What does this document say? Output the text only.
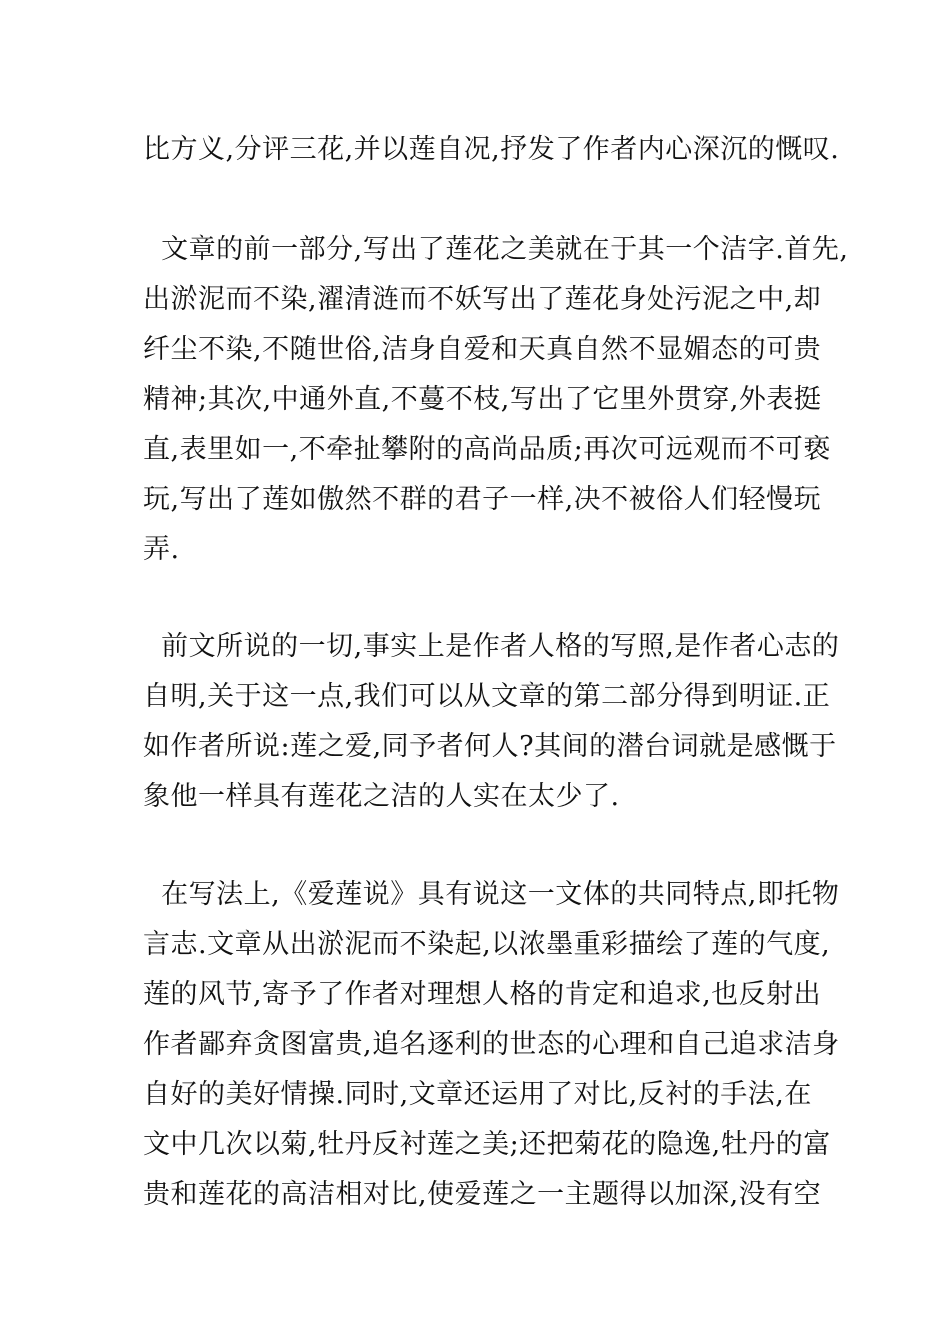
比方义,分评三花,并以莲自况,抒发了作者内心深沉的慨叹.
文章的前一部分,写出了莲花之美就在于其一个洁字.首先,
出淤泥而不染,濯清涟而不妖写出了莲花身处污泥之中,却
纤尘不染,不随世俗,洁身自爱和天真自然不显媚态的可贵
精神;其次,中通外直,不蔓不枝,写出了它里外贯穿,外表挺
直,表里如一,不牵扯攀附的高尚品质;再次可远观而不可亵
玩,写出了莲如傲然不群的君子一样,决不被俗人们轻慢玩
弄.
前文所说的一切,事实上是作者人格的写照,是作者心志的
自明,关于这一点,我们可以从文章的第二部分得到明证.正
如作者所说:莲之爱,同予者何人?其间的潜台词就是感慨于
象他一样具有莲花之洁的人实在太少了.
在写法上,《爱莲说》具有说这一文体的共同特点,即托物
言志.文章从出淤泥而不染起,以浓墨重彩描绘了莲的气度,
莲的风节,寄予了作者对理想人格的肯定和追求,也反射出
作者鄙弃贪图富贵,追名逐利的世态的心理和自己追求洁身
自好的美好情操.同时,文章还运用了对比,反衬的手法,在
文中几次以菊,牡丹反衬莲之美;还把菊花的隐逸,牡丹的富
贵和莲花的高洁相对比,使爱莲之一主题得以加深,没有空
